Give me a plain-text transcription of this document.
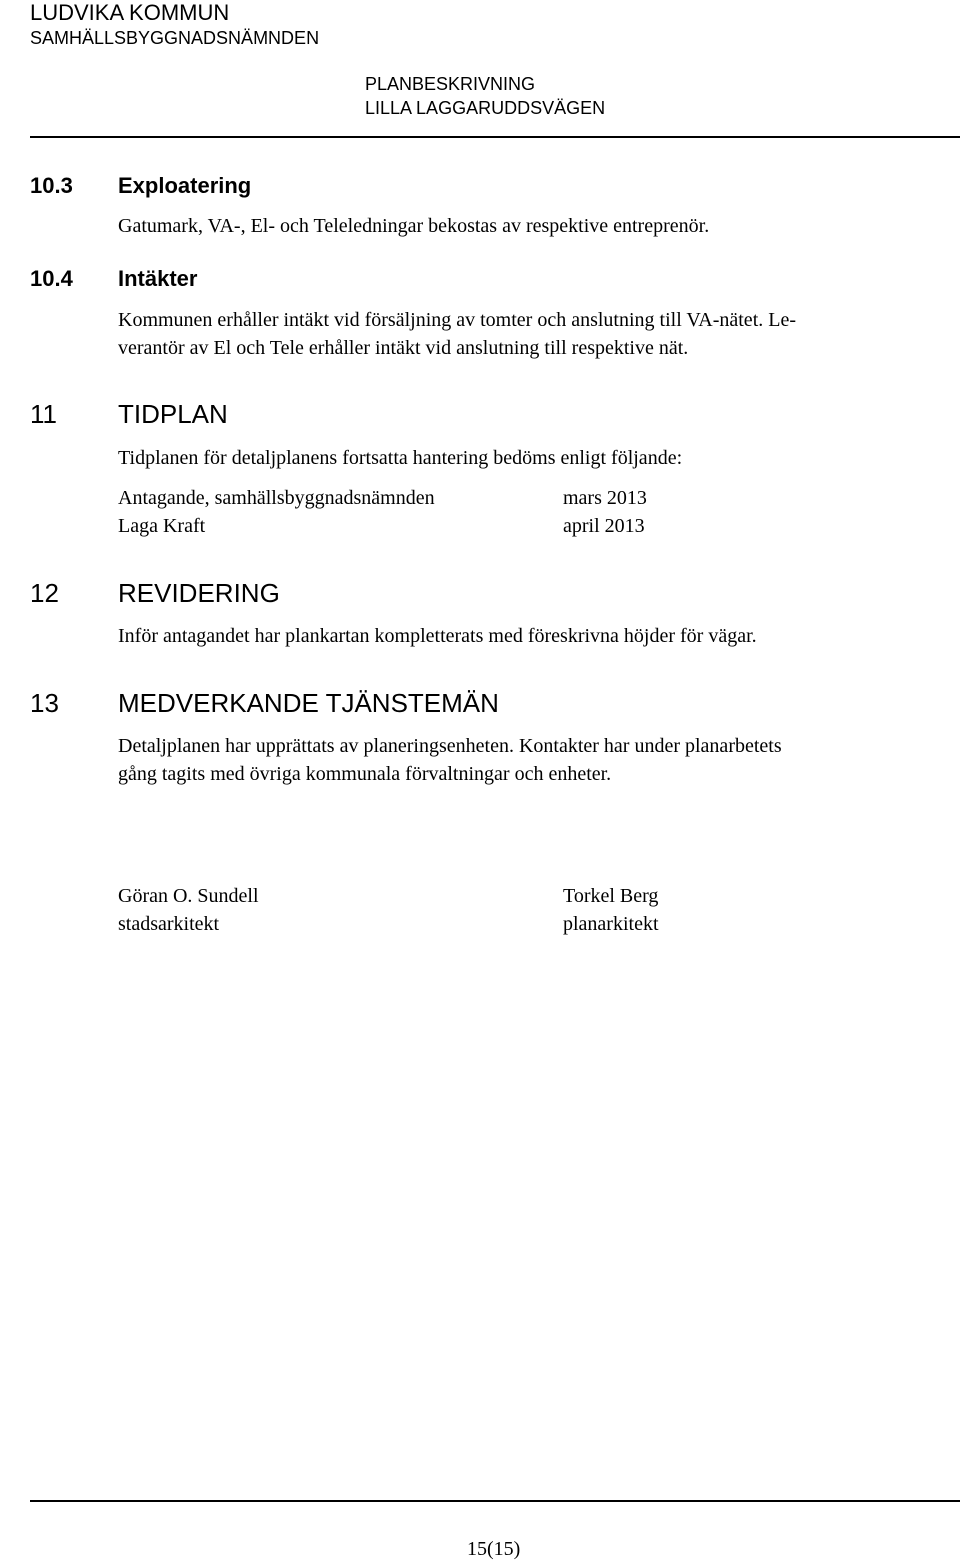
LUDVIKA KOMMUN
SAMHÄLLSBYGGNADSNÄMNDEN
PLANBESKRIVNING
LILLA LAGGARUDDSVÄGEN
10.3 Exploatering
Gatumark, VA-, El- och Teleledningar bekostas av respektive entreprenör.
10.4 Intäkter
Kommunen erhåller intäkt vid försäljning av tomter och anslutning till VA-nätet. Le-
verantör av El och Tele erhåller intäkt vid anslutning till respektive nät.
11 TIDPLAN
Tidplanen för detaljplanens fortsatta hantering bedöms enligt följande:
Antagande, samhällsbyggnadsnämnden	mars 2013
Laga Kraft	april 2013
12 REVIDERING
Inför antagandet har plankartan kompletterats med föreskrivna höjder för vägar.
13 MEDVERKANDE TJÄNSTEMÄN
Detaljplanen har upprättats av planeringsenheten. Kontakter har under planarbetets
gång tagits med övriga kommunala förvaltningar och enheter.
Göran O. Sundell
stadsarkitekt
Torkel Berg
planarkitekt
15(15)
